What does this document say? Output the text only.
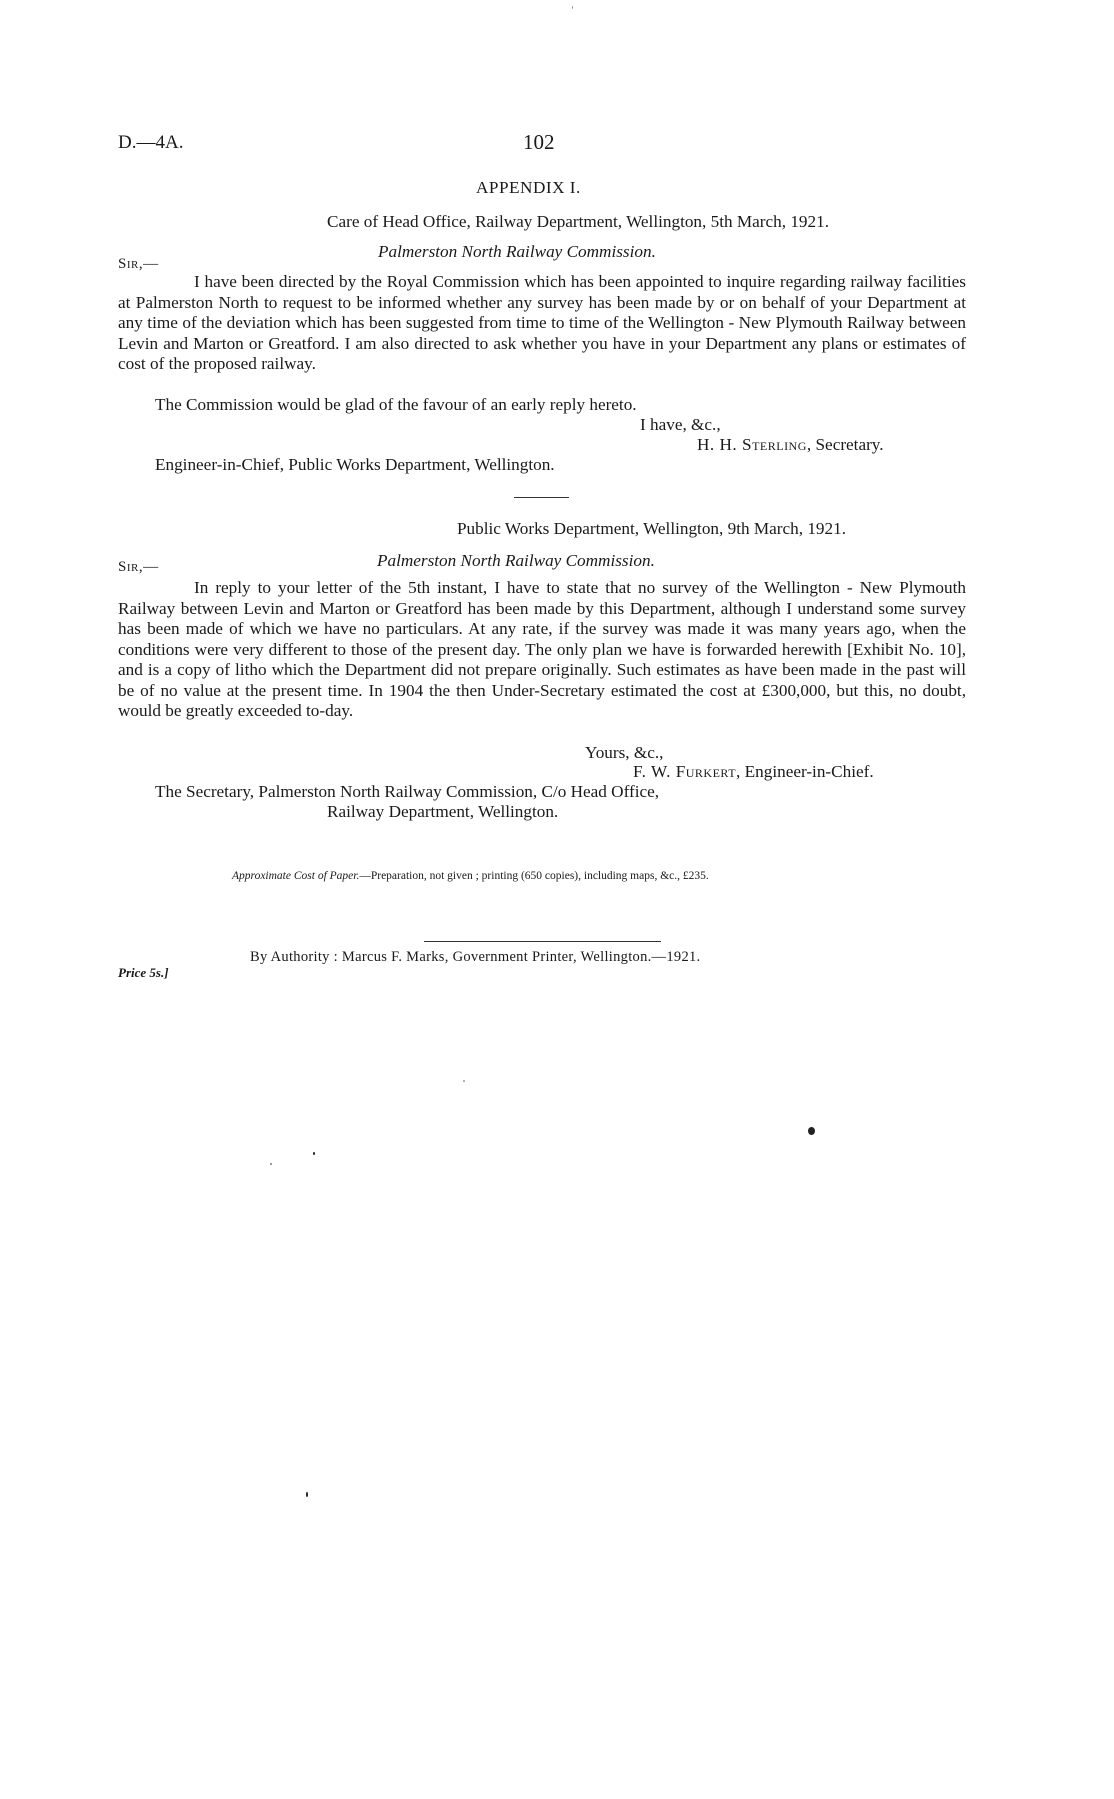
D.—4A.	102
APPENDIX I.
Care of Head Office, Railway Department, Wellington, 5th March, 1921.
Palmerston North Railway Commission.
Sir,—
I have been directed by the Royal Commission which has been appointed to inquire regarding railway facilities at Palmerston North to request to be informed whether any survey has been made by or on behalf of your Department at any time of the deviation which has been suggested from time to time of the Wellington - New Plymouth Railway between Levin and Marton or Greatford. I am also directed to ask whether you have in your Department any plans or estimates of cost of the proposed railway.
The Commission would be glad of the favour of an early reply hereto.
I have, &c.,
H. H. Sterling, Secretary.
Engineer-in-Chief, Public Works Department, Wellington.
Public Works Department, Wellington, 9th March, 1921.
Palmerston North Railway Commission.
Sir,—
In reply to your letter of the 5th instant, I have to state that no survey of the Wellington - New Plymouth Railway between Levin and Marton or Greatford has been made by this Department, although I understand some survey has been made of which we have no particulars. At any rate, if the survey was made it was many years ago, when the conditions were very different to those of the present day. The only plan we have is forwarded herewith [Exhibit No. 10], and is a copy of litho which the Department did not prepare originally. Such estimates as have been made in the past will be of no value at the present time. In 1904 the then Under-Secretary estimated the cost at £300,000, but this, no doubt, would be greatly exceeded to-day.
Yours, &c.,
F. W. Furkert, Engineer-in-Chief.
The Secretary, Palmerston North Railway Commission, C/o Head Office,
Railway Department, Wellington.
Approximate Cost of Paper.—Preparation, not given ; printing (650 copies), including maps, &c., £235.
By Authority : Marcus F. Marks, Government Printer, Wellington.—1921.
Price 5s.]
